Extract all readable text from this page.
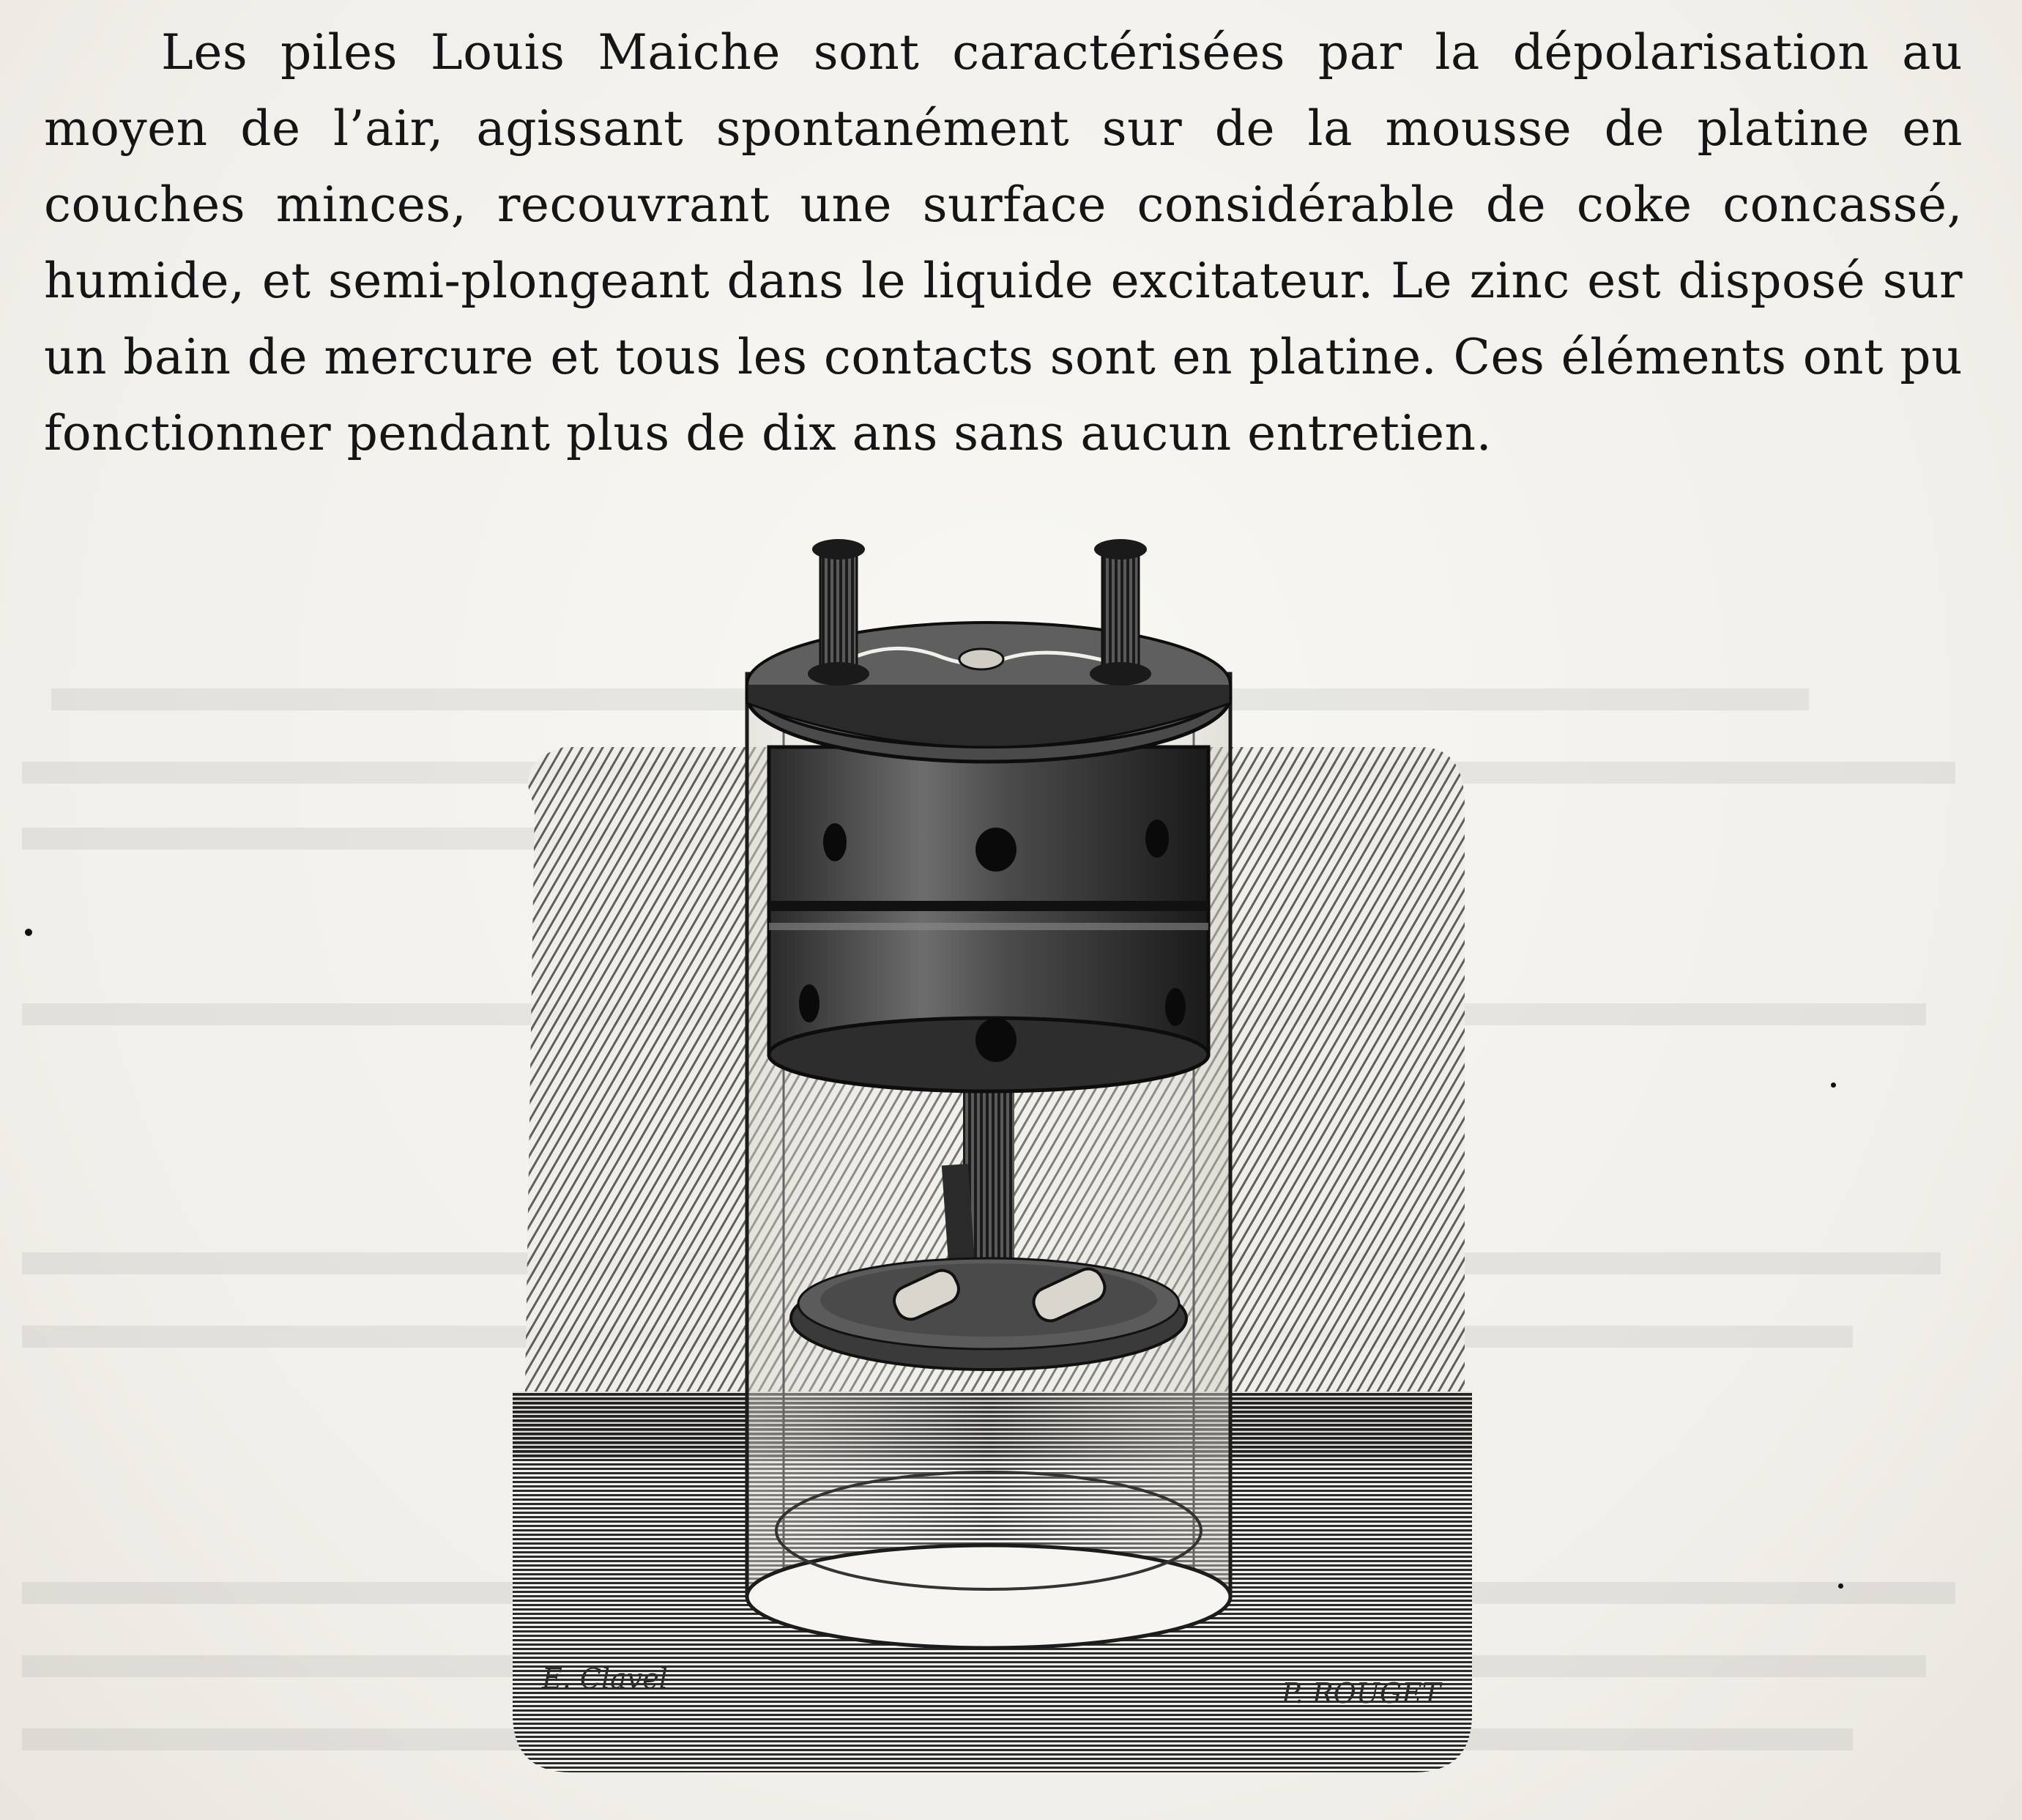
Les piles Louis Maiche sont caractérisées par la dépolarisation au moyen de l’air, agissant spontanément sur de la mousse de platine en couches minces, recouvrant une surface considérable de coke concassé, humide, et semi-plongeant dans le liquide excitateur. Le zinc est disposé sur un bain de mercure et tous les contacts sont en platine. Ces éléments ont pu fonctionner pendant plus de dix ans sans aucun entretien.

E. Clavel	P. ROUGET
